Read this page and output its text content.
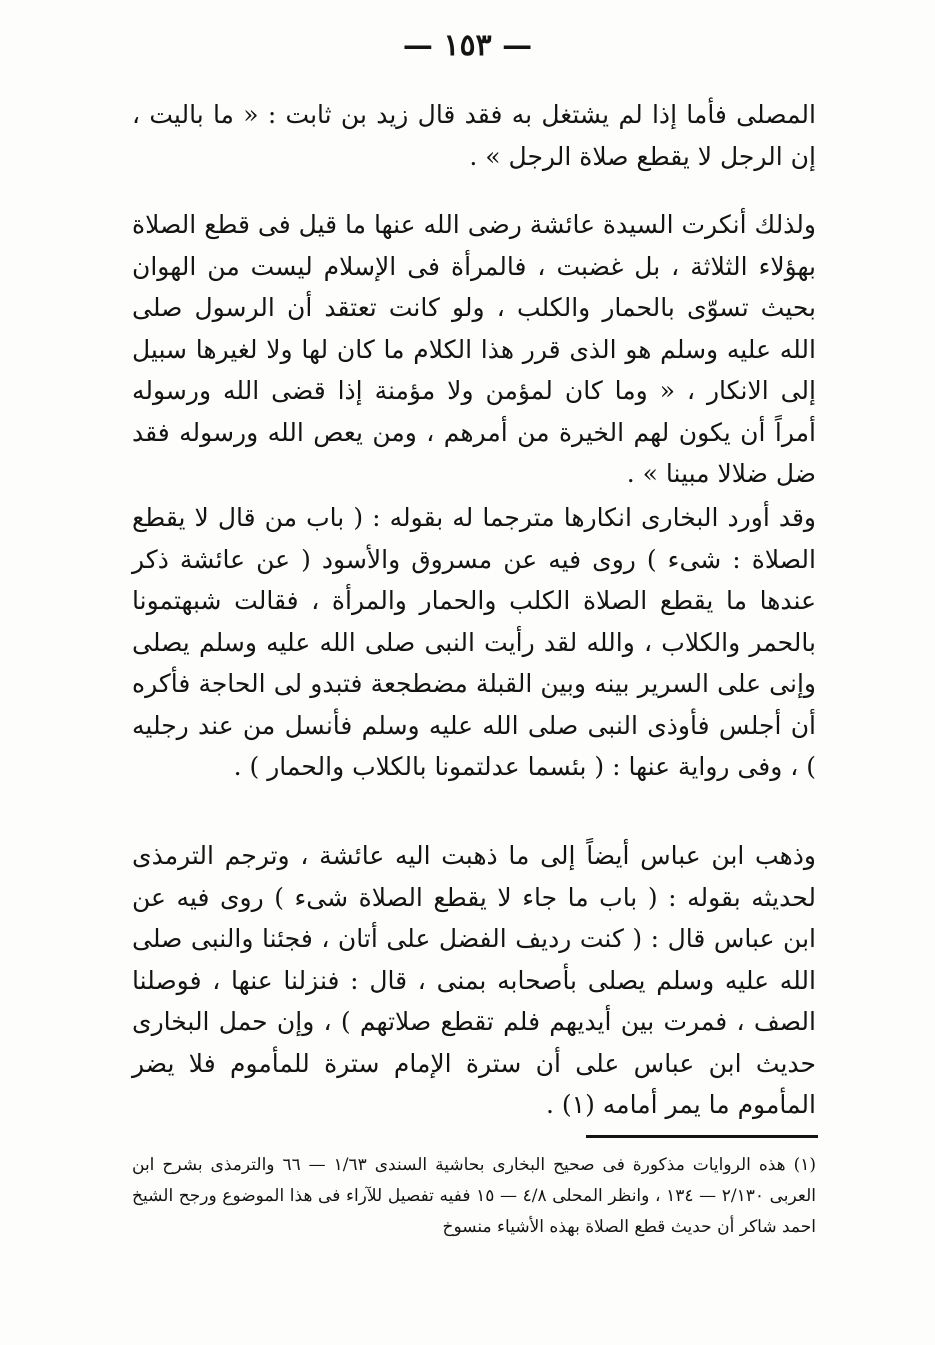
— ١٥٣ —

المصلى فأما إذا لم يشتغل به فقد قال زيد بن ثابت : « ما باليت ، إن الرجل لا يقطع صلاة الرجل » .

ولذلك أنكرت السيدة عائشة رضى الله عنها ما قيل فى قطع الصلاة بهؤلاء الثلاثة ، بل غضبت ، فالمرأة فى الإسلام ليست من الهوان بحيث تسوّى بالحمار والكلب ، ولو كانت تعتقد أن الرسول صلى الله عليه وسلم هو الذى قرر هذا الكلام ما كان لها ولا لغيرها سبيل إلى الانكار ، « وما كان لمؤمن ولا مؤمنة إذا قضى الله ورسوله أمراً أن يكون لهم الخيرة من أمرهم ، ومن يعص الله ورسوله فقد ضل ضلالا مبينا » .

وقد أورد البخارى انكارها مترجما له بقوله : ( باب من قال لا يقطع الصلاة : شىء ) روى فيه عن مسروق والأسود ( عن عائشة ذكر عندها ما يقطع الصلاة الكلب والحمار والمرأة ، فقالت شبهتمونا بالحمر والكلاب ، والله لقد رأيت النبى صلى الله عليه وسلم يصلى وإنى على السرير بينه وبين القبلة مضطجعة فتبدو لى الحاجة فأكره أن أجلس فأوذى النبى صلى الله عليه وسلم فأنسل من عند رجليه ) ، وفى رواية عنها : ( بئسما عدلتمونا بالكلاب والحمار ) .

وذهب ابن عباس أيضاً إلى ما ذهبت اليه عائشة ، وترجم الترمذى لحديثه بقوله : ( باب ما جاء لا يقطع الصلاة شىء ) روى فيه عن ابن عباس قال : ( كنت رديف الفضل على أتان ، فجئنا والنبى صلى الله عليه وسلم يصلى بأصحابه بمنى ، قال : فنزلنا عنها ، فوصلنا الصف ، فمرت بين أيديهم فلم تقطع صلاتهم ) ، وإن حمل البخارى حديث ابن عباس على أن سترة الإمام سترة للمأموم فلا يضر المأموم ما يمر أمامه (١) .

(١) هذه الروايات مذكورة فى صحيح البخارى بحاشية السندى ١/٦٣ — ٦٦ والترمذى بشرح ابن العربى ٢/١٣٠ — ١٣٤ ، وانظر المحلى ٤/٨ — ١٥ ففيه تفصيل للآراء فى هذا الموضوع ورجح الشيخ احمد شاكر أن حديث قطع الصلاة بهذه الأشياء منسوخ
